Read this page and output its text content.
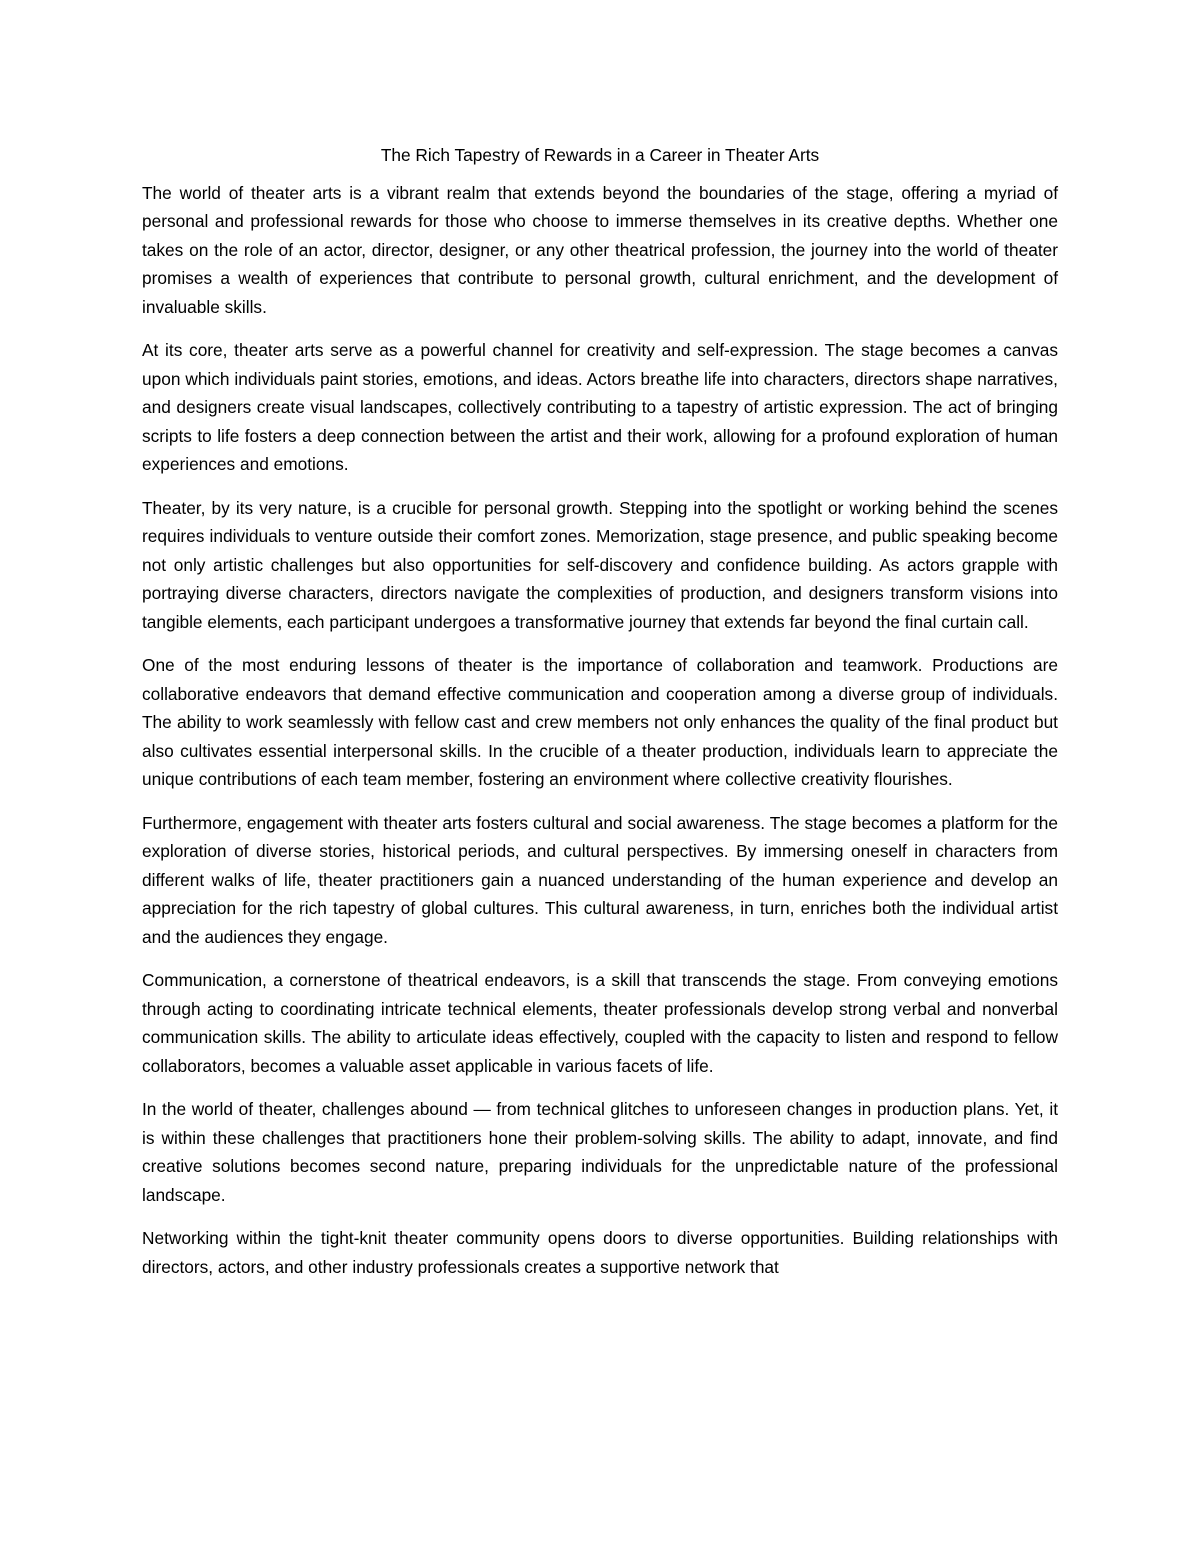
The Rich Tapestry of Rewards in a Career in Theater Arts

The world of theater arts is a vibrant realm that extends beyond the boundaries of the stage, offering a myriad of personal and professional rewards for those who choose to immerse themselves in its creative depths. Whether one takes on the role of an actor, director, designer, or any other theatrical profession, the journey into the world of theater promises a wealth of experiences that contribute to personal growth, cultural enrichment, and the development of invaluable skills.

At its core, theater arts serve as a powerful channel for creativity and self-expression. The stage becomes a canvas upon which individuals paint stories, emotions, and ideas. Actors breathe life into characters, directors shape narratives, and designers create visual landscapes, collectively contributing to a tapestry of artistic expression. The act of bringing scripts to life fosters a deep connection between the artist and their work, allowing for a profound exploration of human experiences and emotions.

Theater, by its very nature, is a crucible for personal growth. Stepping into the spotlight or working behind the scenes requires individuals to venture outside their comfort zones. Memorization, stage presence, and public speaking become not only artistic challenges but also opportunities for self-discovery and confidence building. As actors grapple with portraying diverse characters, directors navigate the complexities of production, and designers transform visions into tangible elements, each participant undergoes a transformative journey that extends far beyond the final curtain call.

One of the most enduring lessons of theater is the importance of collaboration and teamwork. Productions are collaborative endeavors that demand effective communication and cooperation among a diverse group of individuals. The ability to work seamlessly with fellow cast and crew members not only enhances the quality of the final product but also cultivates essential interpersonal skills. In the crucible of a theater production, individuals learn to appreciate the unique contributions of each team member, fostering an environment where collective creativity flourishes.

Furthermore, engagement with theater arts fosters cultural and social awareness. The stage becomes a platform for the exploration of diverse stories, historical periods, and cultural perspectives. By immersing oneself in characters from different walks of life, theater practitioners gain a nuanced understanding of the human experience and develop an appreciation for the rich tapestry of global cultures. This cultural awareness, in turn, enriches both the individual artist and the audiences they engage.

Communication, a cornerstone of theatrical endeavors, is a skill that transcends the stage. From conveying emotions through acting to coordinating intricate technical elements, theater professionals develop strong verbal and nonverbal communication skills. The ability to articulate ideas effectively, coupled with the capacity to listen and respond to fellow collaborators, becomes a valuable asset applicable in various facets of life.

In the world of theater, challenges abound — from technical glitches to unforeseen changes in production plans. Yet, it is within these challenges that practitioners hone their problem-solving skills. The ability to adapt, innovate, and find creative solutions becomes second nature, preparing individuals for the unpredictable nature of the professional landscape.

Networking within the tight-knit theater community opens doors to diverse opportunities. Building relationships with directors, actors, and other industry professionals creates a supportive network that
